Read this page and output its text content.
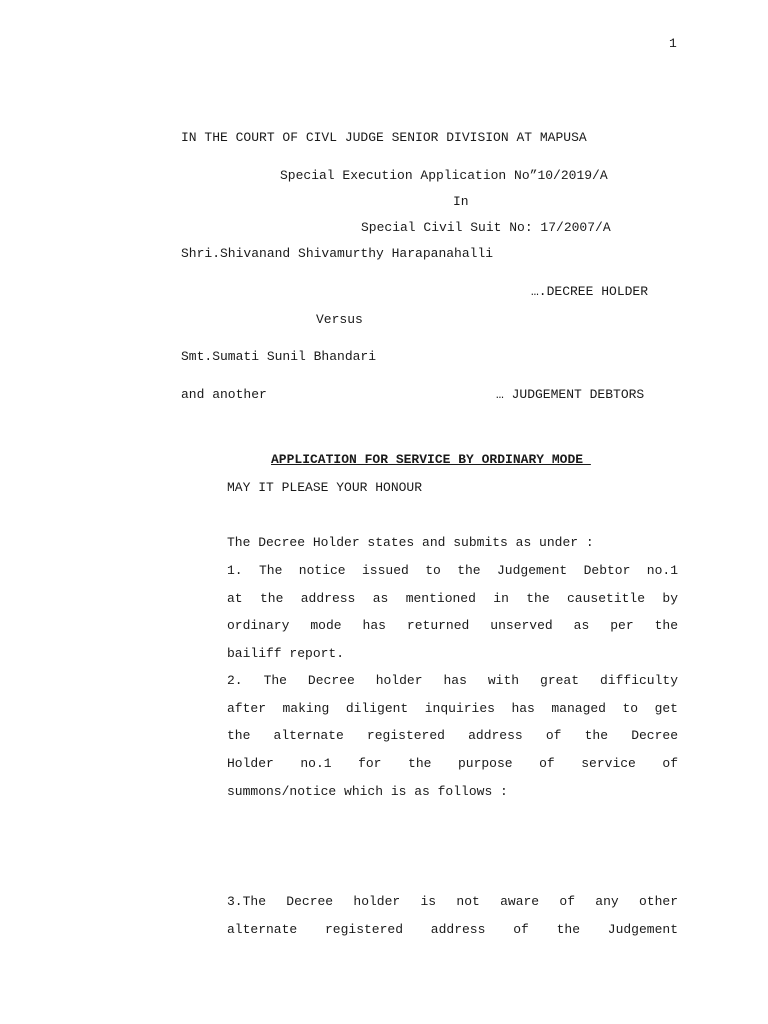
1
IN THE COURT OF CIVL JUDGE SENIOR DIVISION AT MAPUSA
Special Execution Application No”10/2019/A
In
Special Civil Suit No: 17/2007/A
Shri.Shivanand Shivamurthy Harapanahalli
….DECREE HOLDER
Versus
Smt.Sumati Sunil Bhandari
and another	… JUDGEMENT DEBTORS
APPLICATION FOR SERVICE BY ORDINARY MODE
MAY IT PLEASE YOUR HONOUR
The Decree Holder states and submits as under :
1. The notice issued to the Judgement Debtor no.1
at the address as mentioned in the causetitle by
ordinary mode has returned unserved as per the
bailiff report.
2. The Decree holder has with great difficulty
after making diligent inquiries has managed to get
the alternate registered address of the Decree
Holder no.1 for the purpose of service of
summons/notice which is as follows :
3.The Decree holder is not aware of any other
alternate registered address of the Judgement
